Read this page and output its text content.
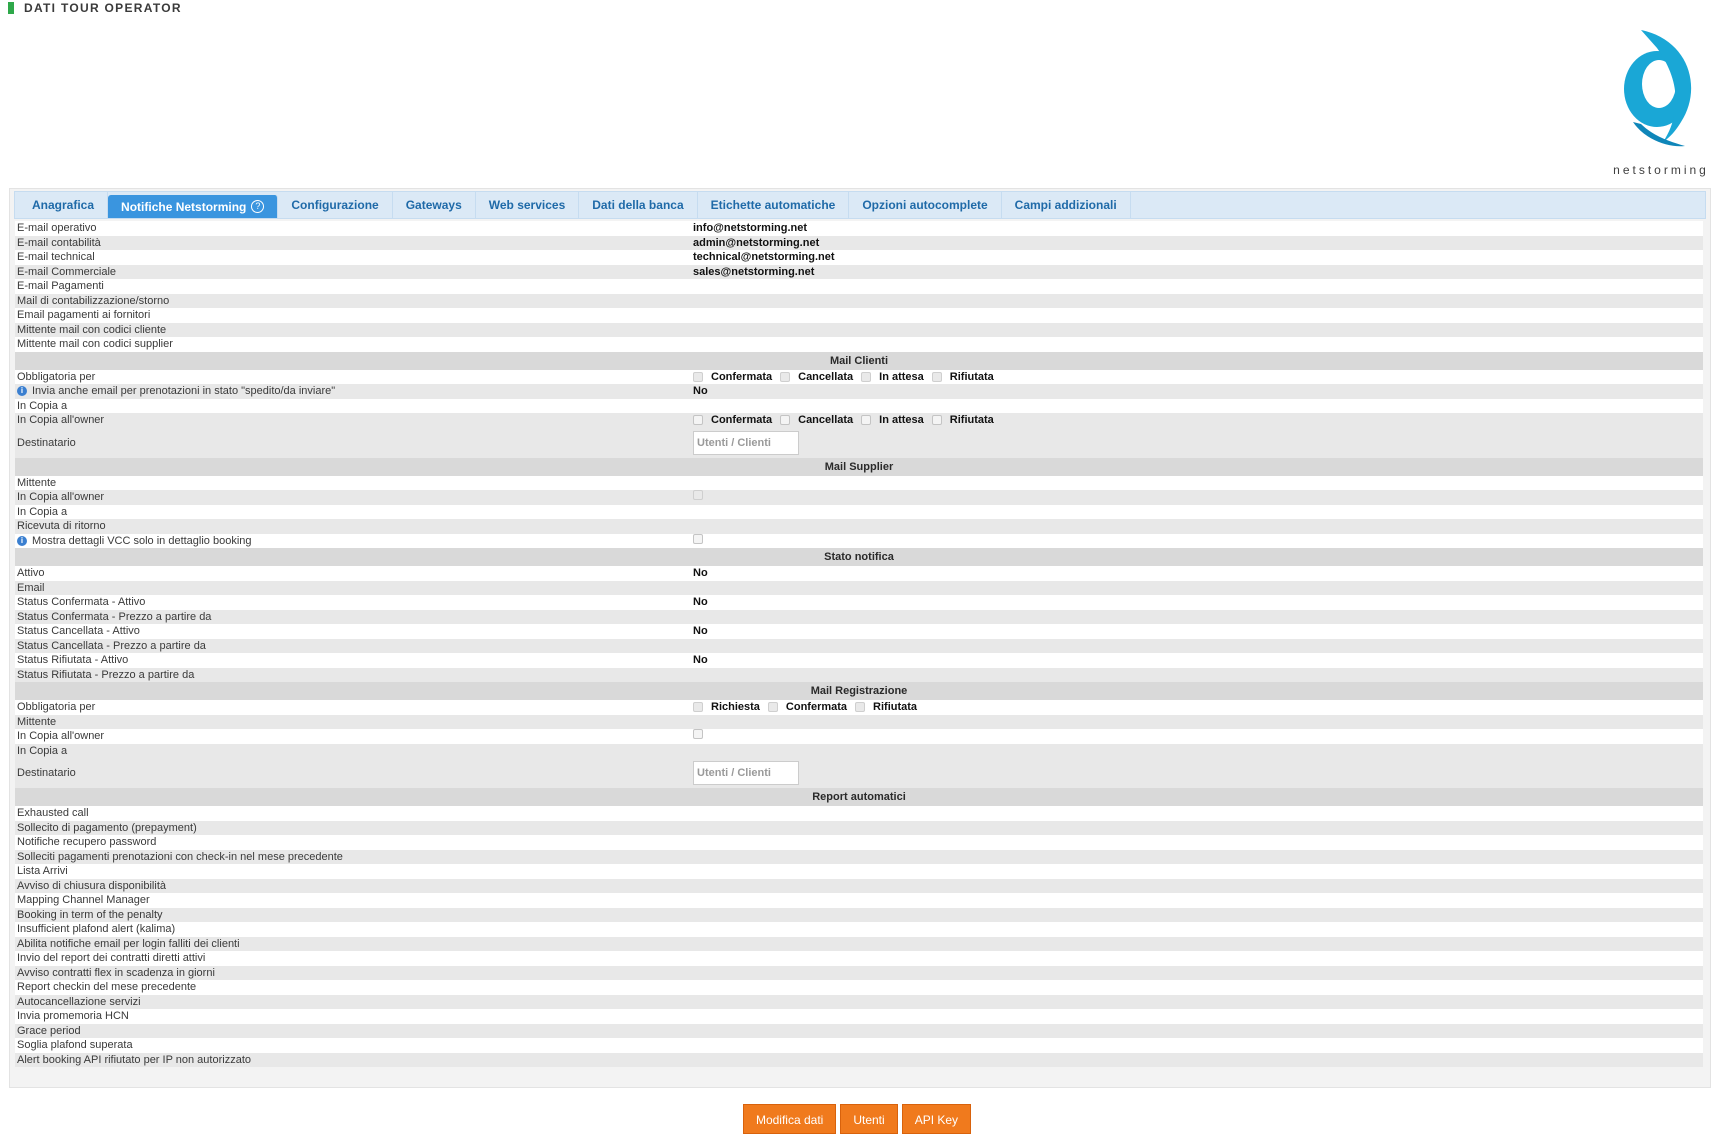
DATI TOUR OPERATOR
netstorming
Anagrafica Notifiche Netstorming ?	Configurazione Gateways Web services Dati della banca Etichette automatiche Opzioni autocomplete Campi addizionali
E-mail operativo	info@netstorming.net
E-mail contabilità	admin@netstorming.net
E-mail technical	technical@netstorming.net
E-mail Commerciale	sales@netstorming.net
E-mail Pagamenti
Mail di contabilizzazione/storno
Email pagamenti ai fornitori
Mittente mail con codici cliente
Mittente mail con codici supplier
Mail Clienti
Obbligatoria per	Confermata Cancellata In attesa Rifiutata
i Invia anche email per prenotazioni in stato "spedito/da inviare"	No
In Copia a
In Copia all'owner	Confermata Cancellata In attesa Rifiutata
Destinatario	Utenti / Clienti
Mail Supplier
Mittente
In Copia all'owner
In Copia a
Ricevuta di ritorno
i Mostra dettagli VCC solo in dettaglio booking
Stato notifica
Attivo	No
Email
Status Confermata - Attivo	No
Status Confermata - Prezzo a partire da
Status Cancellata - Attivo	No
Status Cancellata - Prezzo a partire da
Status Rifiutata - Attivo	No
Status Rifiutata - Prezzo a partire da
Mail Registrazione
Obbligatoria per	Richiesta Confermata Rifiutata
Mittente
In Copia all'owner
In Copia a
Destinatario	Utenti / Clienti
Report automatici
Exhausted call
Sollecito di pagamento (prepayment)
Notifiche recupero password
Solleciti pagamenti prenotazioni con check-in nel mese precedente
Lista Arrivi
Avviso di chiusura disponibilità
Mapping Channel Manager
Booking in term of the penalty
Insufficient plafond alert (kalima)
Abilita notifiche email per login falliti dei clienti
Invio del report dei contratti diretti attivi
Avviso contratti flex in scadenza in giorni
Report checkin del mese precedente
Autocancellazione servizi
Invia promemoria HCN
Grace period
Soglia plafond superata
Alert booking API rifiutato per IP non autorizzato
Modifica dati	Utenti	API Key
